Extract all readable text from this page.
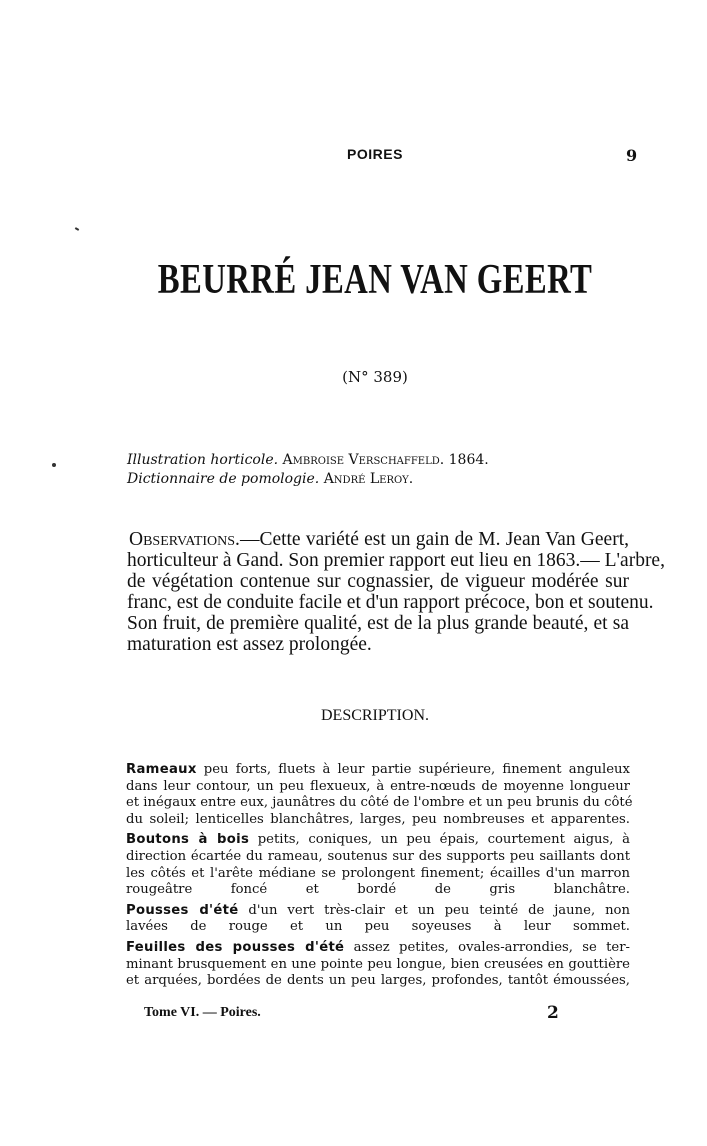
POIRES	9
BEURRÉ JEAN VAN GEERT
(N° 389)
Illustration horticole. Ambroise Verschaffeld. 1864.
Dictionnaire de pomologie. André Leroy.
Observations.—Cette variété est un gain de M. Jean Van Geert,
horticulteur à Gand. Son premier rapport eut lieu en 1863.— L'arbre,
de végétation contenue sur cognassier, de vigueur modérée sur
franc, est de conduite facile et d'un rapport précoce, bon et soutenu.
Son fruit, de première qualité, est de la plus grande beauté, et sa
maturation est assez prolongée.
DESCRIPTION.
Rameaux peu forts, fluets à leur partie supérieure, finement anguleux
dans leur contour, un peu flexueux, à entre-nœuds de moyenne longueur
et inégaux entre eux, jaunâtres du côté de l'ombre et un peu brunis du côté
du soleil; lenticelles blanchâtres, larges, peu nombreuses et apparentes.
Boutons à bois petits, coniques, un peu épais, courtement aigus, à
direction écartée du rameau, soutenus sur des supports peu saillants dont
les côtés et l'arête médiane se prolongent finement; écailles d'un marron
rougeâtre foncé et bordé de gris blanchâtre.
Pousses d'été d'un vert très-clair et un peu teinté de jaune, non
lavées de rouge et un peu soyeuses à leur sommet.
Feuilles des pousses d'été assez petites, ovales-arrondies, se ter-
minant brusquement en une pointe peu longue, bien creusées en gouttière
et arquées, bordées de dents un peu larges, profondes, tantôt émoussées,
Tome VI. — Poires.	2
